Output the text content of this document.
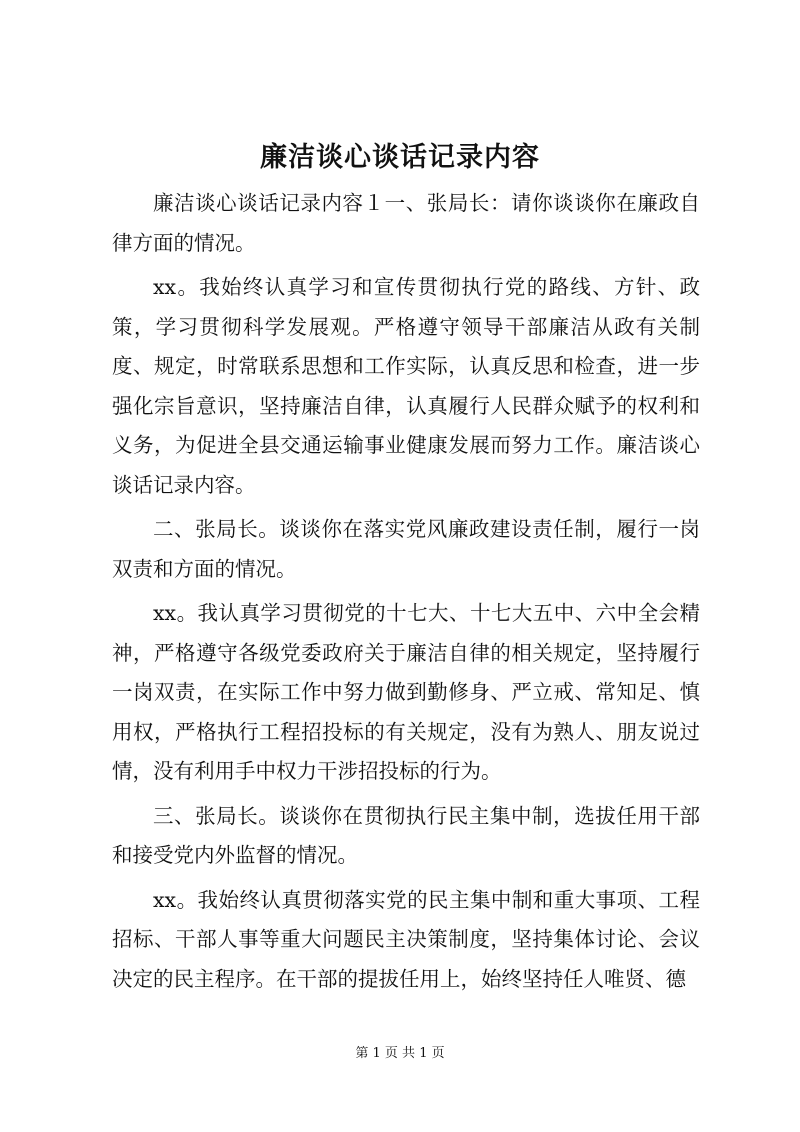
廉洁谈心谈话记录内容

廉洁谈心谈话记录内容１一、张局长：请你谈谈你在廉政自律方面的情况。

xx。我始终认真学习和宣传贯彻执行党的路线、方针、政策，学习贯彻科学发展观。严格遵守领导干部廉洁从政有关制度、规定，时常联系思想和工作实际，认真反思和检查，进一步强化宗旨意识，坚持廉洁自律，认真履行人民群众赋予的权利和义务，为促进全县交通运输事业健康发展而努力工作。廉洁谈心谈话记录内容。

二、张局长。谈谈你在落实党风廉政建设责任制，履行一岗双责和方面的情况。

xx。我认真学习贯彻党的十七大、十七大五中、六中全会精神，严格遵守各级党委政府关于廉洁自律的相关规定，坚持履行一岗双责，在实际工作中努力做到勤修身、严立戒、常知足、慎用权，严格执行工程招投标的有关规定，没有为熟人、朋友说过情，没有利用手中权力干涉招投标的行为。

三、张局长。谈谈你在贯彻执行民主集中制，选拔任用干部和接受党内外监督的情况。

xx。我始终认真贯彻落实党的民主集中制和重大事项、工程招标、干部人事等重大问题民主决策制度，坚持集体讨论、会议决定的民主程序。在干部的提拔任用上，始终坚持任人唯贤、德

第 1 页 共 1 页
